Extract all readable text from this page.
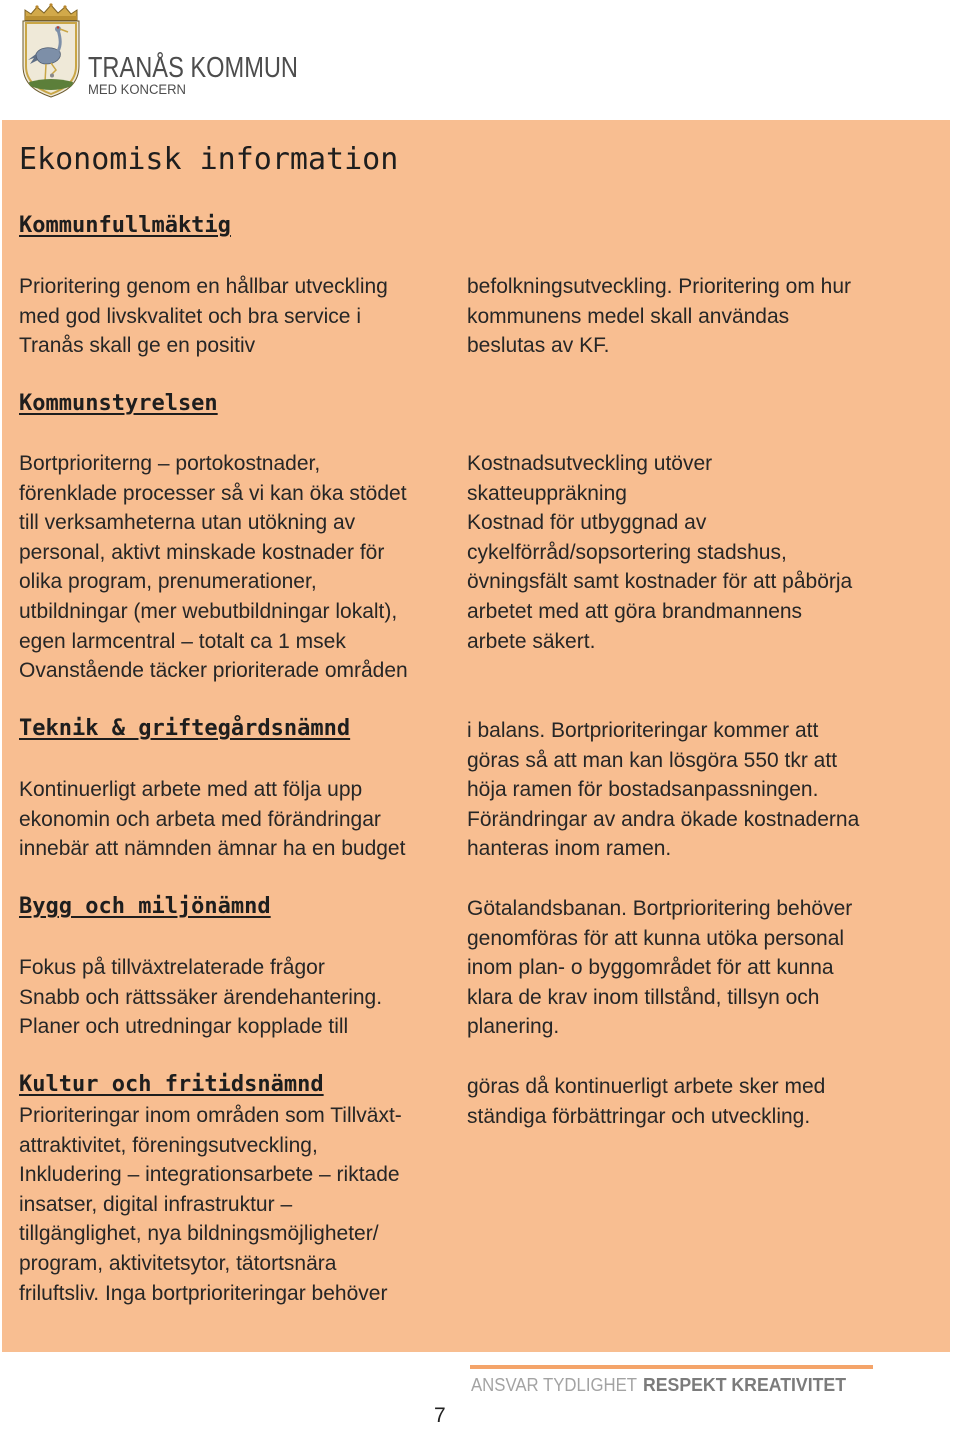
TRANÅS KOMMUN
MED KONCERN
Ekonomisk information
Kommunfullmäktig

Prioritering genom en hållbar utveckling
med god livskvalitet och bra service i
Tranås skall ge en positiv

befolkningsutveckling. Prioritering om hur
kommunens medel skall användas
beslutas av KF.

Kommunstyrelsen

Bortprioriterng – portokostnader,
förenklade processer så vi kan öka stödet
till verksamheterna utan utökning av
personal, aktivt minskade kostnader för
olika program, prenumerationer,
utbildningar (mer webutbildningar lokalt),
egen larmcentral – totalt ca 1 msek
Ovanstående täcker prioriterade områden

Kostnadsutveckling utöver
skatteuppräkning
Kostnad för utbyggnad av
cykelförråd/sopsortering stadshus,
övningsfält samt kostnader för att påbörja
arbetet med att göra brandmannens
arbete säkert.

Teknik & griftegårdsnämnd

Kontinuerligt arbete med att följa upp
ekonomin och arbeta med förändringar
innebär att nämnden ämnar ha en budget

i balans. Bortprioriteringar kommer att
göras så att man kan lösgöra 550 tkr att
höja ramen för bostadsanpassningen.
Förändringar av andra ökade kostnaderna
hanteras inom ramen.

Bygg och miljönämnd

Fokus på tillväxtrelaterade frågor
Snabb och rättssäker ärendehantering.
Planer och utredningar kopplade till

Götalandsbanan. Bortprioritering behöver
genomföras för att kunna utöka personal
inom plan- o byggområdet för att kunna
klara de krav inom tillstånd, tillsyn och
planering.

Kultur och fritidsnämnd

Prioriteringar inom områden som Tillväxt-
attraktivitet, föreningsutveckling,
Inkludering – integrationsarbete – riktade
insatser, digital infrastruktur –
tillgänglighet, nya bildningsmöjligheter/
program, aktivitetsytor, tätortsnära
friluftsliv. Inga bortprioriteringar behöver

göras då kontinuerligt arbete sker med
ständiga förbättringar och utveckling.

ANSVAR TYDLIGHET RESPEKT KREATIVITET
7
